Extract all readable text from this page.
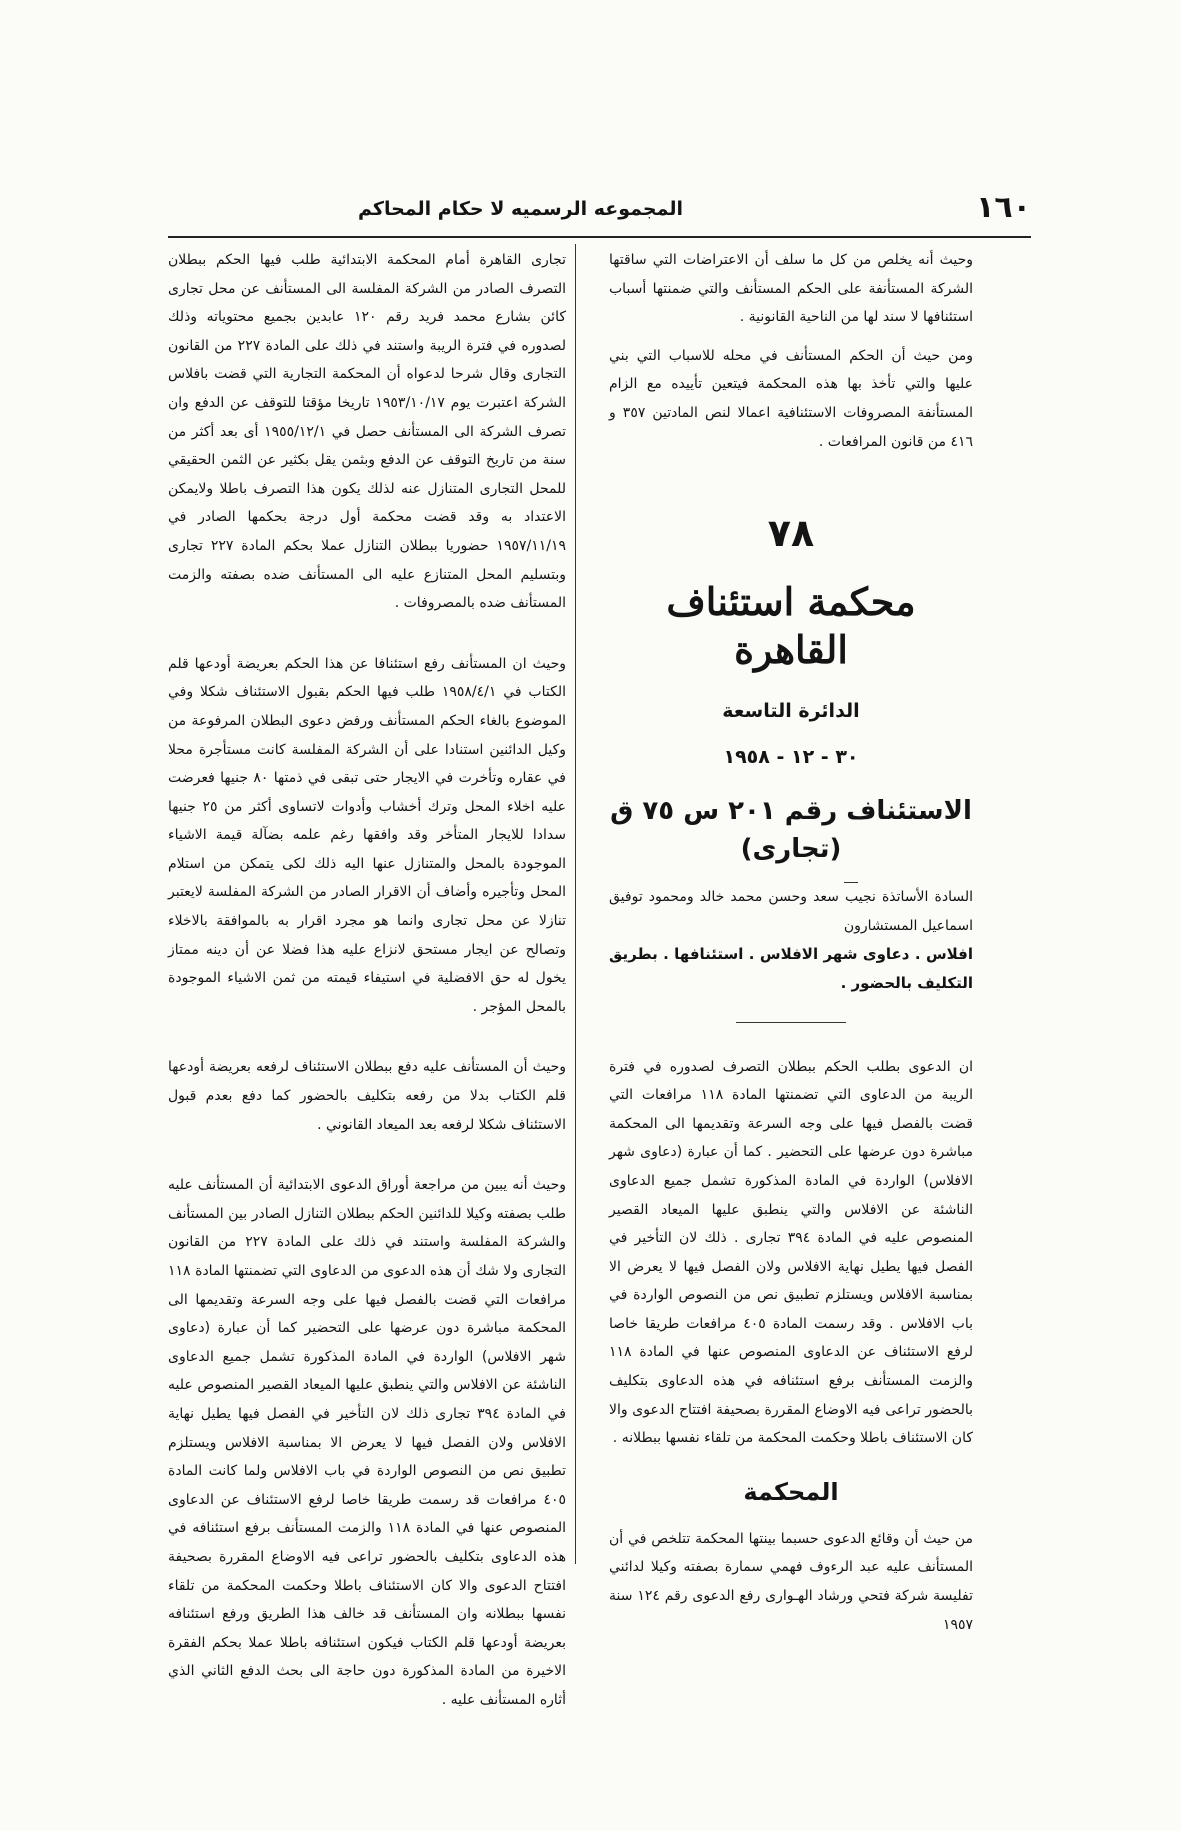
١٦٠
المجموعه الرسميه لا حكام المحاكم

وحيث أنه يخلص من كل ما سلف أن الاعتراضات التي ساقتها الشركة المستأنفة على الحكم المستأنف والتي ضمنتها أسباب استئنافها لا سند لها من الناحية القانونية .

ومن حيث أن الحكم المستأنف في محله للاسباب التي بني عليها والتي تأخذ بها هذه المحكمة فيتعين تأييده مع الزام المستأنفة المصروفات الاستئنافية اعمالا لنص المادتين ٣٥٧ و ٤١٦ من قانون المرافعات .

٧٨
محكمة استئناف القاهرة
الدائرة التاسعة
٣٠ - ١٢ - ١٩٥٨
الاستئناف رقم ٢٠١ س ٧٥ ق (تجارى)

السادة الأساتذة نجيب سعد وحسن محمد خالد ومحمود توفيق اسماعيل المستشارون

افلاس . دعاوى شهر الافلاس . استئنافها . بطريق التكليف بالحضور .

ان الدعوى بطلب الحكم ببطلان التصرف لصدوره في فترة الريبة من الدعاوى التي تضمنتها المادة ١١٨ مرافعات التي قضت بالفصل فيها على وجه السرعة وتقديمها الى المحكمة مباشرة دون عرضها على التحضير . كما أن عبارة (دعاوى شهر الافلاس) الواردة في المادة المذكورة تشمل جميع الدعاوى الناشئة عن الافلاس والتي ينطبق عليها الميعاد القصير المنصوص عليه في المادة ٣٩٤ تجارى . ذلك لان التأخير في الفصل فيها يطيل نهاية الافلاس ولان الفصل فيها لا يعرض الا بمناسبة الافلاس ويستلزم تطبيق نص من النصوص الواردة في باب الافلاس . وقد رسمت المادة ٤٠٥ مرافعات طريقا خاصا لرفع الاستئناف عن الدعاوى المنصوص عنها في المادة ١١٨ والزمت المستأنف برفع استئنافه في هذه الدعاوى بتكليف بالحضور تراعى فيه الاوضاع المقررة بصحيفة افتتاح الدعوى والا كان الاستئناف باطلا وحكمت المحكمة من تلقاء نفسها ببطلانه .

المحكمة

من حيث أن وقائع الدعوى حسبما بينتها المحكمة تتلخص في أن المستأنف عليه عبد الرءوف فهمي سمارة بصفته وكيلا لدائني تفليسة شركة فتحي ورشاد الهـوارى رفع الدعوى رقم ١٢٤ سنة ١٩٥٧

تجارى القاهرة أمام المحكمة الابتدائية طلب فيها الحكم ببطلان التصرف الصادر من الشركة المفلسة الى المستأنف عن محل تجارى كائن بشارع محمد فريد رقم ١٢٠ عابدين بجميع محتوياته وذلك لصدوره في فترة الريبة واستند في ذلك على المادة ٢٢٧ من القانون التجارى وقال شرحا لدعواه أن المحكمة التجارية التي قضت بافلاس الشركة اعتبرت يوم ١٩٥٣/١٠/١٧ تاريخا مؤقتا للتوقف عن الدفع وان تصرف الشركة الى المستأنف حصل في ١٩٥٥/١٢/١ أى بعد أكثر من سنة من تاريخ التوقف عن الدفع وبثمن يقل بكثير عن الثمن الحقيقي للمحل التجارى المتنازل عنه لذلك يكون هذا التصرف باطلا ولايمكن الاعتداد به وقد قضت محكمة أول درجة بحكمها الصادر في ١٩٥٧/١١/١٩ حضوريا ببطلان التنازل عملا بحكم المادة ٢٢٧ تجارى وبتسليم المحل المتنازع عليه الى المستأنف ضده بصفته والزمت المستأنف ضده بالمصروفات .

وحيث ان المستأنف رفع استئنافا عن هذا الحكم بعريضة أودعها قلم الكتاب في ١٩٥٨/٤/١ طلب فيها الحكم بقبول الاستئناف شكلا وفي الموضوع بالغاء الحكم المستأنف ورفض دعوى البطلان المرفوعة من وكيل الدائنين استنادا على أن الشركة المفلسة كانت مستأجرة محلا في عقاره وتأخرت في الايجار حتى تبقى في ذمتها ٨٠ جنيها فعرضت عليه اخلاء المحل وترك أخشاب وأدوات لاتساوى أكثر من ٢٥ جنيها سدادا للايجار المتأخر وقد وافقها رغم علمه بضآلة قيمة الاشياء الموجودة بالمحل والمتنازل عنها اليه ذلك لكى يتمكن من استلام المحل وتأجيره وأضاف أن الاقرار الصادر من الشركة المفلسة لايعتبر تنازلا عن محل تجارى وانما هو مجرد اقرار به بالموافقة بالاخلاء وتصالح عن ايجار مستحق لانزاع عليه هذا فضلا عن أن دينه ممتاز يخول له حق الافضلية في استيفاء قيمته من ثمن الاشياء الموجودة بالمحل المؤجر .

وحيث أن المستأنف عليه دفع ببطلان الاستئناف لرفعه بعريضة أودعها قلم الكتاب بدلا من رفعه بتكليف بالحضور كما دفع بعدم قبول الاستئناف شكلا لرفعه بعد الميعاد القانوني .

وحيث أنه يبين من مراجعة أوراق الدعوى الابتدائية أن المستأنف عليه طلب بصفته وكيلا للدائنين الحكم ببطلان التنازل الصادر بين المستأنف والشركة المفلسة واستند في ذلك على المادة ٢٢٧ من القانون التجارى ولا شك أن هذه الدعوى من الدعاوى التي تضمنتها المادة ١١٨ مرافعات التي قضت بالفصل فيها على وجه السرعة وتقديمها الى المحكمة مباشرة دون عرضها على التحضير كما أن عبارة (دعاوى شهر الافلاس) الواردة في المادة المذكورة تشمل جميع الدعاوى الناشئة عن الافلاس والتي ينطبق عليها الميعاد القصير المنصوص عليه في المادة ٣٩٤ تجارى ذلك لان التأخير في الفصل فيها يطيل نهاية الافلاس ولان الفصل فيها لا يعرض الا بمناسبة الافلاس ويستلزم تطبيق نص من النصوص الواردة في باب الافلاس ولما كانت المادة ٤٠٥ مرافعات قد رسمت طريقا خاصا لرفع الاستئناف عن الدعاوى المنصوص عنها في المادة ١١٨ والزمت المستأنف برفع استئنافه في هذه الدعاوى بتكليف بالحضور تراعى فيه الاوضاع المقررة بصحيفة افتتاح الدعوى والا كان الاستئناف باطلا وحكمت المحكمة من تلقاء نفسها ببطلانه وان المستأنف قد خالف هذا الطريق ورفع استئنافه بعريضة أودعها قلم الكتاب فيكون استئنافه باطلا عملا بحكم الفقرة الاخيرة من المادة المذكورة دون حاجة الى بحث الدفع الثاني الذي أثاره المستأنف عليه .
